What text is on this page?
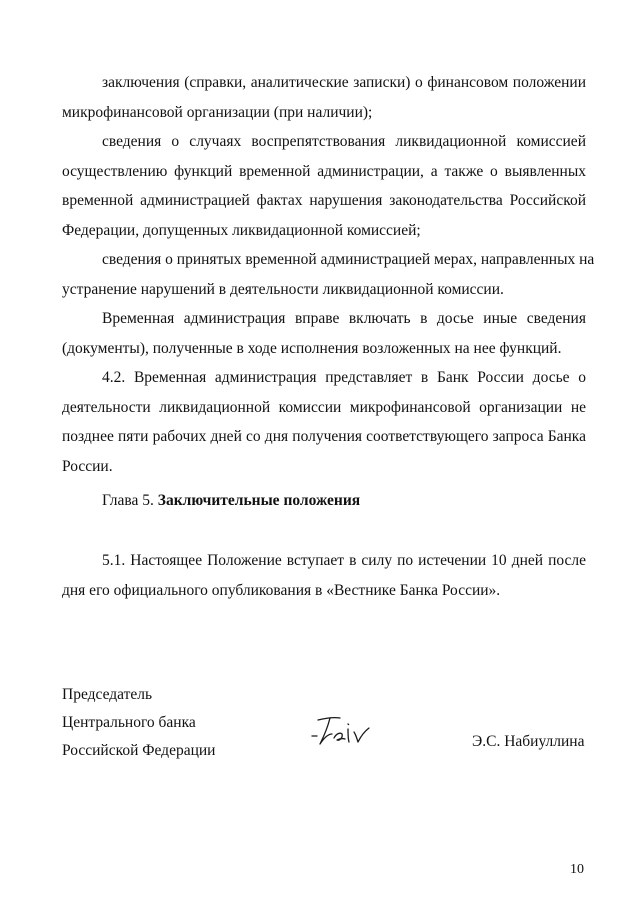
заключения (справки, аналитические записки) о финансовом положении
микрофинансовой организации (при наличии);
сведения о случаях воспрепятствования ликвидационной комиссией
осуществлению функций временной администрации, а также о выявленных
временной администрацией фактах нарушения законодательства Российской
Федерации, допущенных ликвидационной комиссией;
сведения о принятых временной администрацией мерах, направленных на
устранение нарушений в деятельности ликвидационной комиссии.
Временная администрация вправе включать в досье иные сведения
(документы), полученные в ходе исполнения возложенных на нее функций.
4.2. Временная администрация представляет в Банк России досье о
деятельности ликвидационной комиссии микрофинансовой организации не
позднее пяти рабочих дней со дня получения соответствующего запроса Банка
России.
Глава 5. Заключительные положения
5.1. Настоящее Положение вступает в силу по истечении 10 дней после
дня его официального опубликования в «Вестнике Банка России».
Председатель
Центрального банка
Российской Федерации
Э.С. Набиуллина
10
